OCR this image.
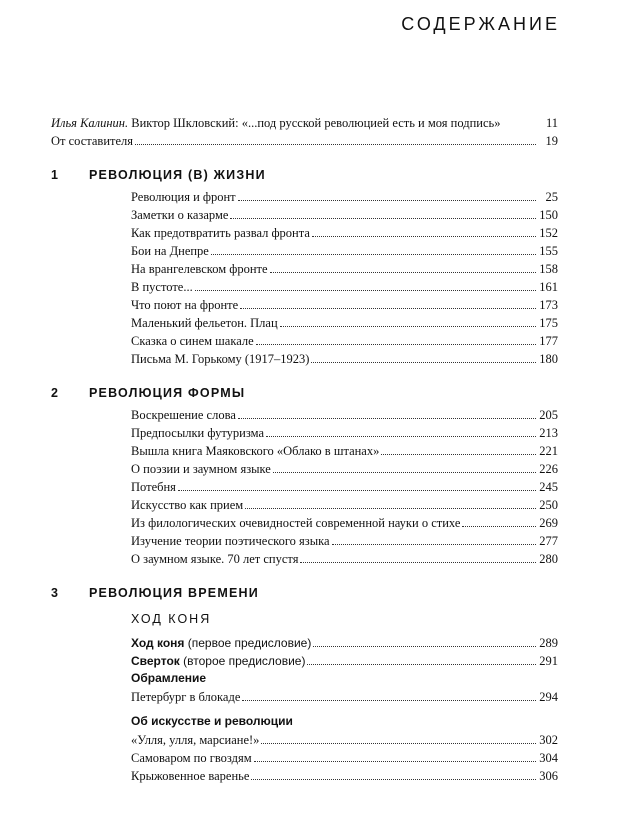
СОДЕРЖАНИЕ
Илья Калинин. Виктор Шкловский: «...под русской революцией есть и моя подпись»	11
От составителя	19
1 РЕВОЛЮЦИЯ (В) ЖИЗНИ
Революция и фронт	25
Заметки о казарме	150
Как предотвратить развал фронта	152
Бои на Днепре	155
На врангелевском фронте	158
В пустоте...	161
Что поют на фронте	173
Маленький фельетон. Плац	175
Сказка о синем шакале	177
Письма М. Горькому (1917–1923)	180
2 РЕВОЛЮЦИЯ ФОРМЫ
Воскрешение слова	205
Предпосылки футуризма	213
Вышла книга Маяковского «Облако в штанах»	221
О поэзии и заумном языке	226
Потебня	245
Искусство как прием	250
Из филологических очевидностей современной науки о стихе	269
Изучение теории поэтического языка	277
О заумном языке. 70 лет спустя	280
3 РЕВОЛЮЦИЯ ВРЕМЕНИ
ХОД КОНЯ
Ход коня (первое предисловие)	289
Сверток (второе предисловие)	291
Обрамление
Петербург в блокаде	294
Об искусстве и революции
«Улля, улля, марсиане!»	302
Самоваром по гвоздям	304
Крыжовенное варенье	306
